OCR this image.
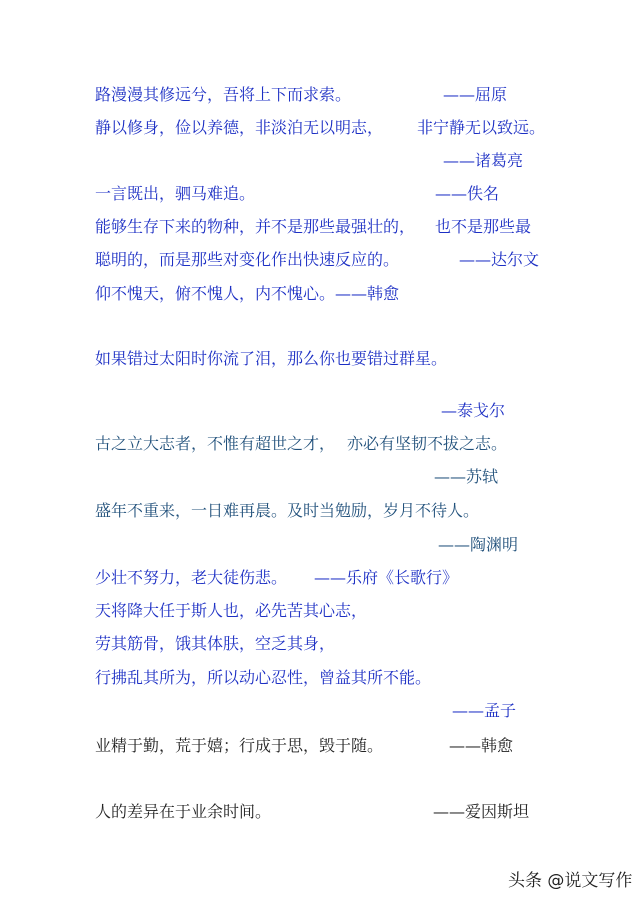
路漫漫其修远兮，吾将上下而求索。	——屈原

静以修身，俭以养德，非淡泊无以明志， 非宁静无以致远。

——诸葛亮

一言既出，驷马难追。	——佚名

能够生存下来的物种，并不是那些最强壮的， 也不是那些最

聪明的，而是那些对变化作出快速反应的。	——达尔文

仰不愧天，俯不愧人，内不愧心。——韩愈

如果错过太阳时你流了泪，那么你也要错过群星。

—泰戈尔

古之立大志者，不惟有超世之才， 亦必有坚韧不拔之志。

——苏轼

盛年不重来，一日难再晨。及时当勉励，岁月不待人。

——陶渊明

少壮不努力，老大徒伤悲。 ——乐府《长歌行》

天将降大任于斯人也，必先苦其心志，

劳其筋骨，饿其体肤，空乏其身，

行拂乱其所为，所以动心忍性，曾益其所不能。

——孟子

业精于勤，荒于嬉；行成于思，毁于随。	——韩愈

人的差异在于业余时间。	——爱因斯坦

头条 @说文写作
